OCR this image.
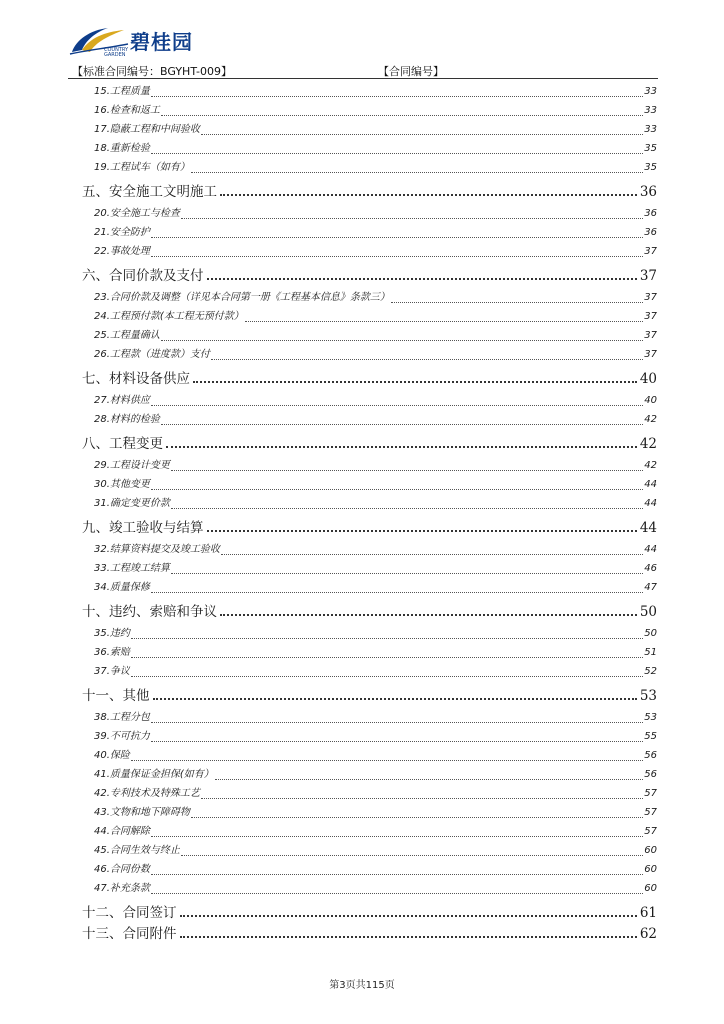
碧桂园
COUNTRY
GARDEN
【标准合同编号：BGYHT-009】	【合同编号】
15.工程质量	33
16.检查和返工	33
17.隐蔽工程和中间验收	33
18.重新检验	35
19.工程试车（如有）	35
五、安全施工文明施工	36
20.安全施工与检查	36
21.安全防护	36
22.事故处理	37
六、合同价款及支付	37
23.合同价款及调整（详见本合同第一册《工程基本信息》条款三）	37
24.工程预付款(本工程无预付款）	37
25.工程量确认	37
26.工程款（进度款）支付	37
七、材料设备供应	40
27.材料供应	40
28.材料的检验	42
八、工程变更	42
29.工程设计变更	42
30.其他变更	44
31.确定变更价款	44
九、竣工验收与结算	44
32.结算资料提交及竣工验收	44
33.工程竣工结算	46
34.质量保修	47
十、违约、索赔和争议	50
35.违约	50
36.索赔	51
37.争议	52
十一、其他	53
38.工程分包	53
39.不可抗力	55
40.保险	56
41.质量保证金担保(如有）	56
42.专利技术及特殊工艺	57
43.文物和地下障碍物	57
44.合同解除	57
45.合同生效与终止	60
46.合同份数	60
47.补充条款	60
十二、合同签订	61
十三、合同附件	62
第3页共115页
